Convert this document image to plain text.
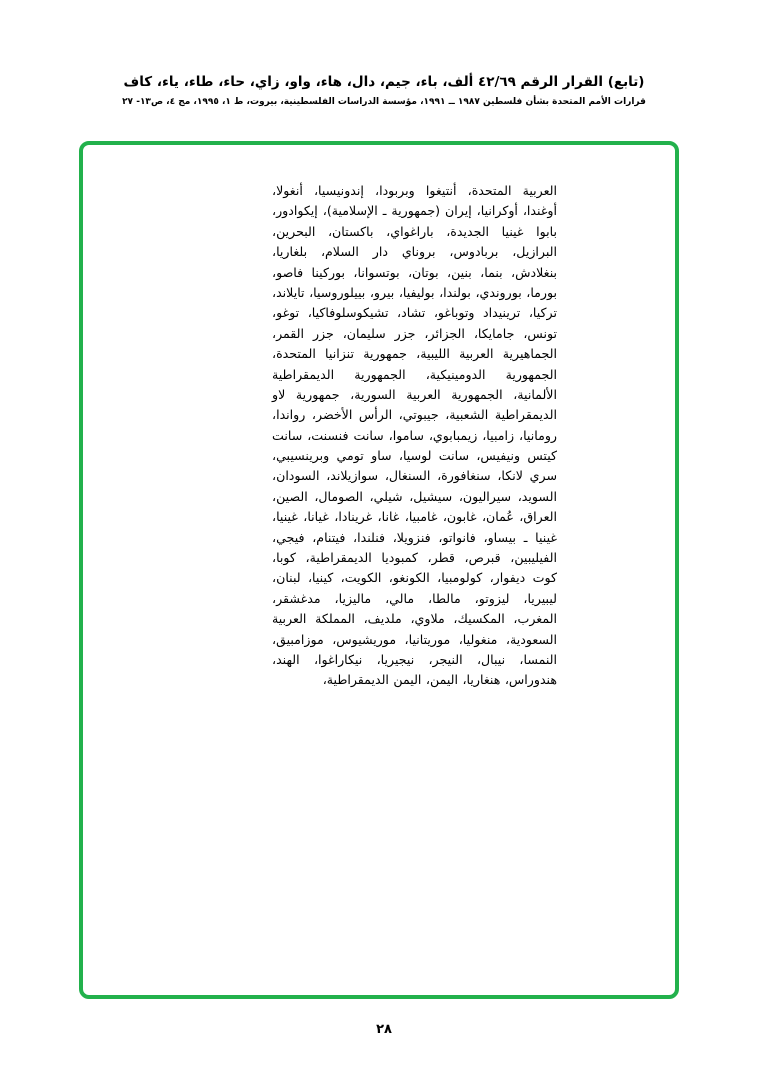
(تابع) القرار الرقم ٤٢/٦٩ ألف، باء، جيم، دال، هاء، واو، زاي، حاء، طاء، ياء، كاف
قرارات الأمم المتحدة بشأن فلسطين ١٩٨٧ ــ ١٩٩١، مؤسسة الدراسات الفلسطينية، بيروت، ط ١، ١٩٩٥، مج ٤، ص١٣- ٢٧
العربية المتحدة، أنتيغوا وبربودا، إندونيسيا، أنغولا، أوغندا، أوكرانيا، إيران (جمهورية ـ الإسلامية)، إيكوادور، بابوا غينيا الجديدة، باراغواي، باكستان، البحرين، البرازيل، بربادوس، بروناي دار السلام، بلغاريا، بنغلادش، بنما، بنين، بوتان، بوتسوانا، بوركينا فاصو، بورما، بوروندي، بولندا، بوليفيا، بيرو، بييلوروسيا، تايلاند، تركيا، ترينيداد وتوباغو، تشاد، تشيكوسلوفاكيا، توغو، تونس، جامايكا، الجزائر، جزر سليمان، جزر القمر، الجماهيرية العربية الليبية، جمهورية تنزانيا المتحدة، الجمهورية الدومينيكية، الجمهورية الديمقراطية الألمانية، الجمهورية العربية السورية، جمهورية لاو الديمقراطية الشعبية، جيبوتي، الرأس الأخضر، رواندا، رومانيا، زامبيا، زيمبابوي، ساموا، سانت فنسنت، سانت كيتس ونيفيس، سانت لوسيا، ساو تومي وبرينسيبي، سري لانكا، سنغافورة، السنغال، سوازيلاند، السودان، السويد، سيراليون، سيشيل، شيلي، الصومال، الصين، العراق، عُمان، غابون، غامبيا، غانا، غرينادا، غيانا، غينيا، غينيا ـ بيساو، فانواتو، فنزويلا، فنلندا، فيتنام، فيجي، الفيليبين، قبرص، قطر، كمبوديا الديمقراطية، كوبا، كوت ديفوار، كولومبيا، الكونغو، الكويت، كينيا، لبنان، ليبيريا، ليزوتو، مالطا، مالي، ماليزيا، مدغشقر، المغرب، المكسيك، ملاوي، ملديف، المملكة العربية السعودية، منغوليا، موريتانيا، موريشيوس، موزامبيق، النمسا، نيبال، النيجر، نيجيريا، نيكاراغوا، الهند، هندوراس، هنغاريا، اليمن، اليمن الديمقراطية،
٢٨
